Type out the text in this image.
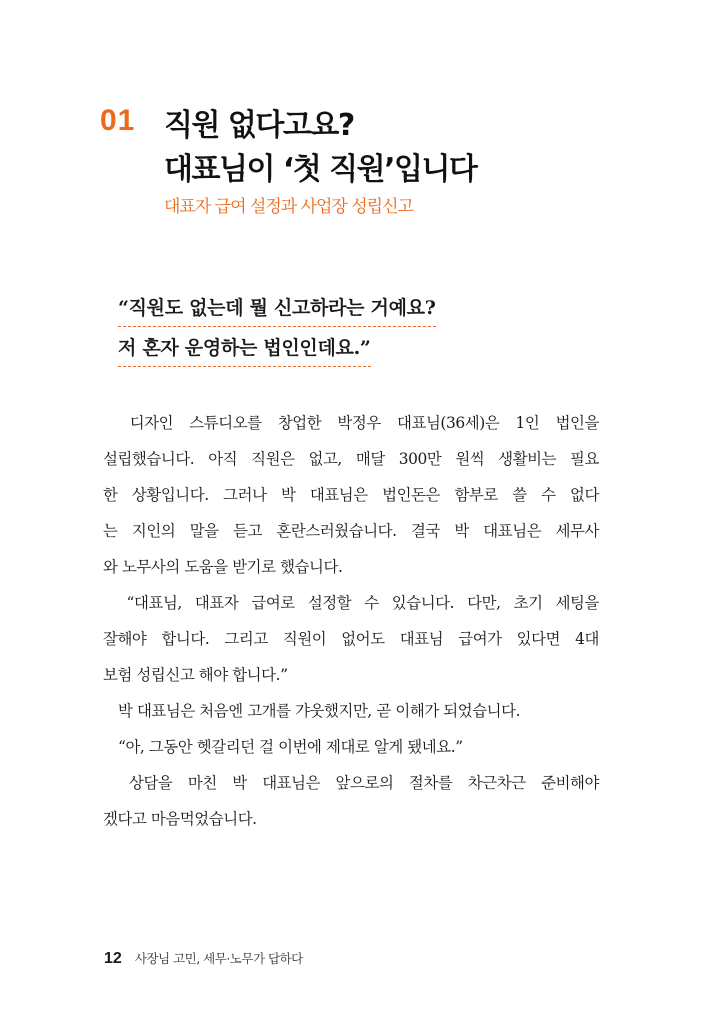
01 직원 없다고요?
대표님이 ‘첫 직원’입니다
대표자 급여 설정과 사업장 성립신고
“직원도 없는데 뭘 신고하라는 거예요?
저 혼자 운영하는 법인인데요.”
　디자인 스튜디오를 창업한 박정우 대표님(36세)은 1인 법인을
설립했습니다. 아직 직원은 없고, 매달 300만 원씩 생활비는 필요
한 상황입니다. 그러나 박 대표님은 법인돈은 함부로 쓸 수 없다
는 지인의 말을 듣고 혼란스러웠습니다. 결국 박 대표님은 세무사
와 노무사의 도움을 받기로 했습니다.
　“대표님, 대표자 급여로 설정할 수 있습니다. 다만, 초기 세팅을
잘해야 합니다. 그리고 직원이 없어도 대표님 급여가 있다면 4대
보험 성립신고 해야 합니다.”
　박 대표님은 처음엔 고개를 갸웃했지만, 곧 이해가 되었습니다.
　“아, 그동안 헷갈리던 걸 이번에 제대로 알게 됐네요.”
　상담을 마친 박 대표님은 앞으로의 절차를 차근차근 준비해야
겠다고 마음먹었습니다.
12 사장님 고민, 세무·노무가 답하다
